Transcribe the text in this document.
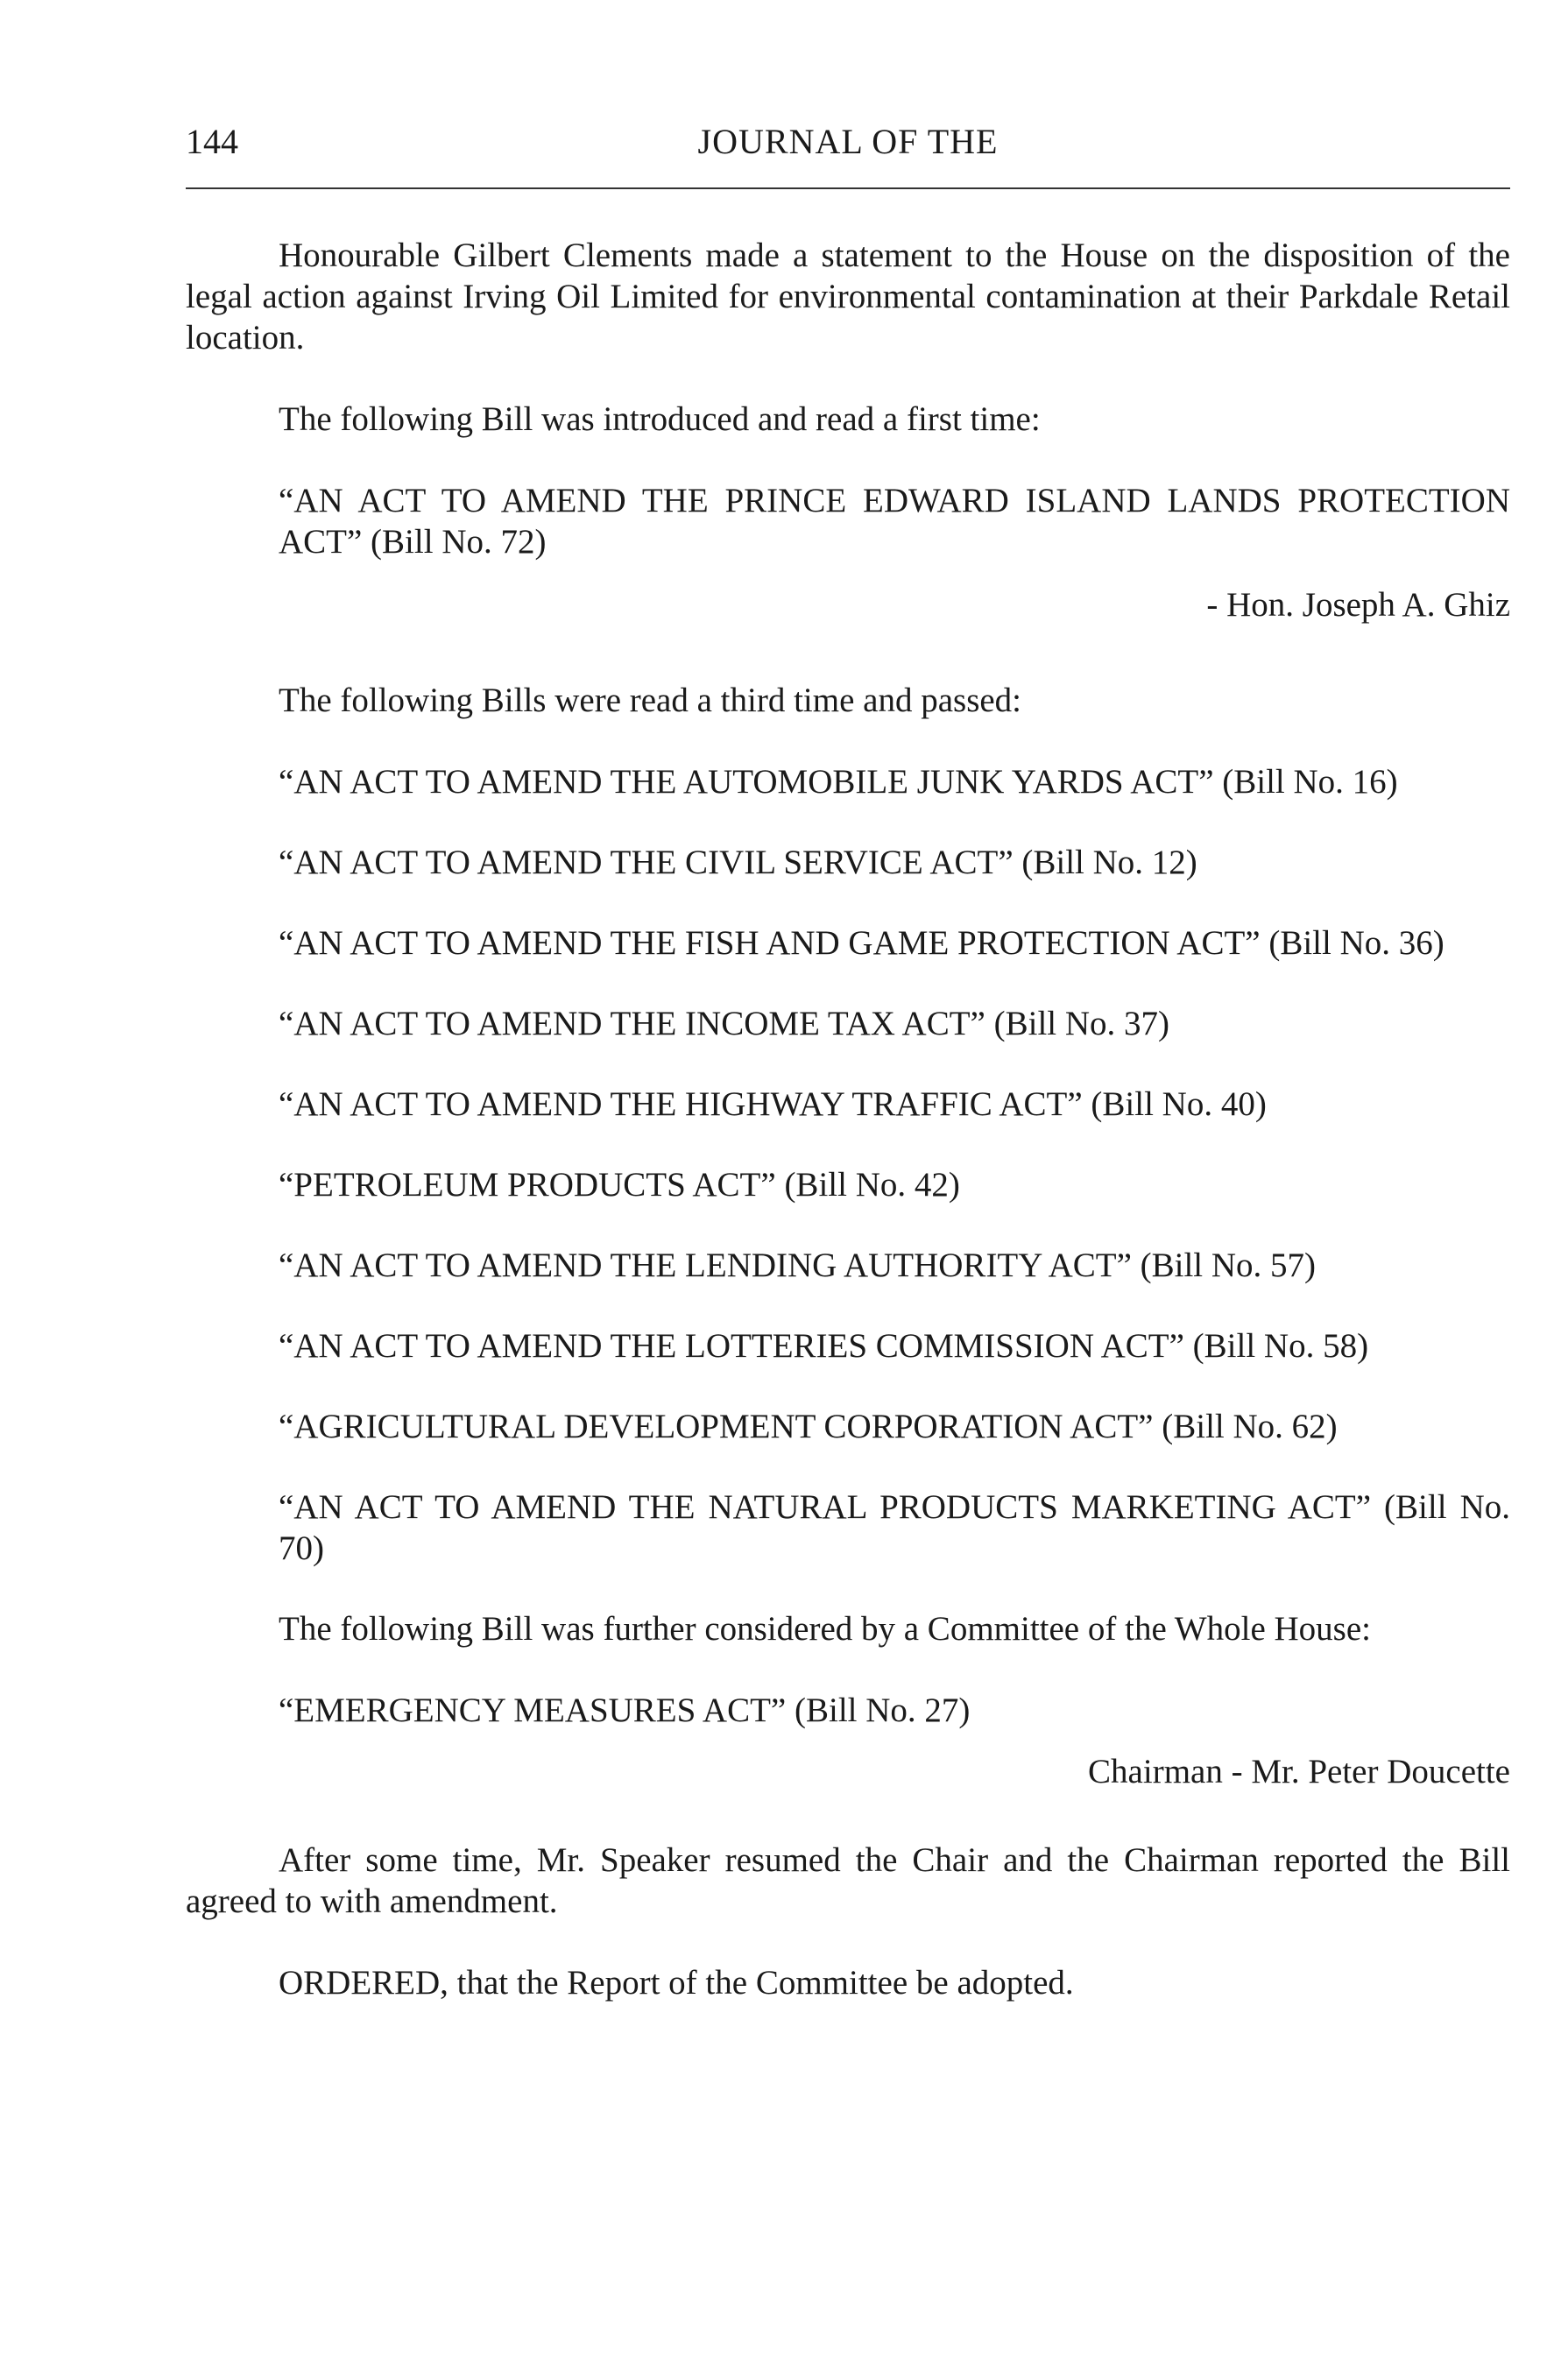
144	JOURNAL OF THE

Honourable Gilbert Clements made a statement to the House on the disposition of the legal action against Irving Oil Limited for environmental contamination at their Parkdale Retail location.

The following Bill was introduced and read a first time:

“AN ACT TO AMEND THE PRINCE EDWARD ISLAND LANDS PROTECTION ACT” (Bill No. 72)

- Hon. Joseph A. Ghiz

The following Bills were read a third time and passed:

“AN ACT TO AMEND THE AUTOMOBILE JUNK YARDS ACT” (Bill No. 16)

“AN ACT TO AMEND THE CIVIL SERVICE ACT” (Bill No. 12)

“AN ACT TO AMEND THE FISH AND GAME PROTECTION ACT” (Bill No. 36)

“AN ACT TO AMEND THE INCOME TAX ACT” (Bill No. 37)

“AN ACT TO AMEND THE HIGHWAY TRAFFIC ACT” (Bill No. 40)

“PETROLEUM PRODUCTS ACT” (Bill No. 42)

“AN ACT TO AMEND THE LENDING AUTHORITY ACT” (Bill No. 57)

“AN ACT TO AMEND THE LOTTERIES COMMISSION ACT” (Bill No. 58)

“AGRICULTURAL DEVELOPMENT CORPORATION ACT” (Bill No. 62)

“AN ACT TO AMEND THE NATURAL PRODUCTS MARKETING ACT” (Bill No. 70)

The following Bill was further considered by a Committee of the Whole House:

“EMERGENCY MEASURES ACT” (Bill No. 27)

Chairman - Mr. Peter Doucette

After some time, Mr. Speaker resumed the Chair and the Chairman reported the Bill agreed to with amendment.

ORDERED, that the Report of the Committee be adopted.
